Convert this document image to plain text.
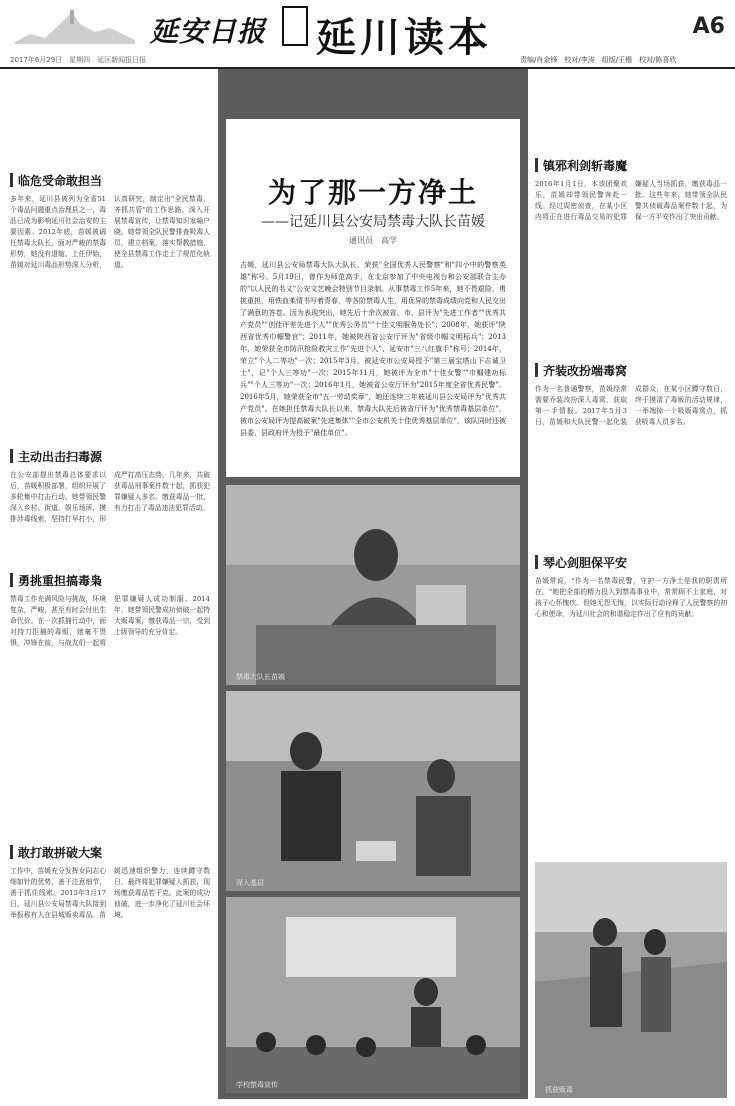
延安日报 延川读本	A6
2017年6月29日　星期四　延区新闻报日报	责编/肖金锋　校对/李涛　组版/王楷　校对/陈喜欣
为了那一方净土
——记延川县公安局禁毒大队长苗媛
通讯员　高学
吉媛，延川县公安局禁毒大队大队长，荣获"全国优秀人民警察"和"四小中的警察英雄"称号。5月19日，曾作为师范高手，在北京参加了中央电视台和公安部联合主办的"以人民的名义"公安文艺晚会特别节目录制。从事禁毒工作5年来，她不畏艰险，勇挑重担，用铁血柔情书写着青春，等各阶禁毒人生，用优异的禁毒成绩向党和人民交出了满意的答卷。因为表现突出，她先后十余次被省、市、县评为"先进工作者""优秀共产党员""创佳评差先进个人""优秀公务员""十佳文明服务处长"；2008年，她获评"陕西省优秀巾帼警官"；2011年，她被陕西省公安厅评为"省级巾帼文明标兵"；2013年，她荣获全市防汛抢险救灾工作"先进个人"、延安市"三八红旗手"称号；2014年，荣立"个人二等功"一次；2015年3月，被延安市公安局授予"第三届宝塔山下志诚卫士"，记"个人三等功"一次；2015年11月，她被评为全市"十佳女警""巾帼建功标兵""个人三等功"一次；2016年1月，她被省公安厅评为"2015年度全省优秀民警"。2016年5月，她荣获全市"五一劳动奖章"，她还连续三年被延川县公安局评为"优秀共产党员"。在她担任禁毒大队长以来，禁毒大队先后被省厅评为"优秀禁毒基层单位"，被市公安局评为提高破案"先进集体""全市公安机关十佳优秀基层单位"，该队同时还被县委、县政府评为授予"最佳单位"。
禁毒大队长苗媛
深入基层
学校禁毒宣传
临危受命敢担当
多年来，延川县被列为全省51个毒品问题重点治理县之一，毒品已成为影响延川社会治安的主要因素。2012年底，苗媛被调任禁毒大队长，面对严峻的禁毒形势，她没有退缩。上任伊始，苗媛对延川毒品形势深入分析，认真研究，制定出"全民禁毒，齐抓共管"的工作思路，深入开展禁毒宣传，让禁毒知识家喻户晓。她带领全队民警排查吸毒人员，建立档案，落实帮教措施，使全县禁毒工作走上了规范化轨道。
主动出击扫毒源
在公安部提出禁毒总体要求以后，苗媛积极部署，组织开展了多轮集中打击行动。她带领民警深入乡村、街道、娱乐场所，摸排涉毒线索，坚持打早打小，形成严打高压态势。几年来，共破获毒品刑事案件数十起，抓获犯罪嫌疑人多名，缴获毒品一批，有力打击了毒品违法犯罪活动。
勇挑重担搞毒枭
禁毒工作充满风险与挑战，环境复杂，严峻，甚至有时会付出生命代价。在一次抓捕行动中，面对持刀拒捕的毒贩，她毫不畏惧，冲锋在前，与战友们一起将犯罪嫌疑人成功制服。2014年，她带领民警成功侦破一起特大贩毒案，缴获毒品一宗，受到上级领导的充分肯定。
敢打敢拼破大案
工作中，苗媛充分发挥女同志心细如针的优势，善于注意细节，善于抓住线索。2015年3月17日，延川县公安局禁毒大队接到举报称有人在县城贩卖毒品。苗媛迅速组织警力，连续蹲守数日，最终将犯罪嫌疑人抓获，现场缴获毒品若干克。此案的成功侦破，进一步净化了延川社会环境。
镇邪利剑斩毒魔
2016年1月1日，本该团聚欢乐，苗媛却带领民警奔赴一线。经过周密侦查，在某小区内将正在进行毒品交易的犯罪嫌疑人当场抓获，缴获毒品一批。这些年来，她带领全队民警共侦破毒品案件数十起，为保一方平安作出了突出贡献。
齐装改扮端毒窝
作为一名普通警察，苗媛经常需要乔装改扮深入毒窝，获取第一手情报。2017年5月3日，苗媛和大队民警一起化装成群众，在某小区蹲守数日，终于摸清了毒贩的活动规律，一举端掉一个吸贩毒窝点，抓获吸毒人员多名。
琴心剑胆保平安
苗媛常说，"作为一名禁毒民警，守护一方净土是我的职责所在。"她把全部的精力投入到禁毒事业中，常常顾不上家庭，对孩子心怀愧疚。但她无怨无悔，以实际行动诠释了人民警察的初心和使命，为延川社会的和谐稳定作出了应有的贡献。
抓获贩毒
